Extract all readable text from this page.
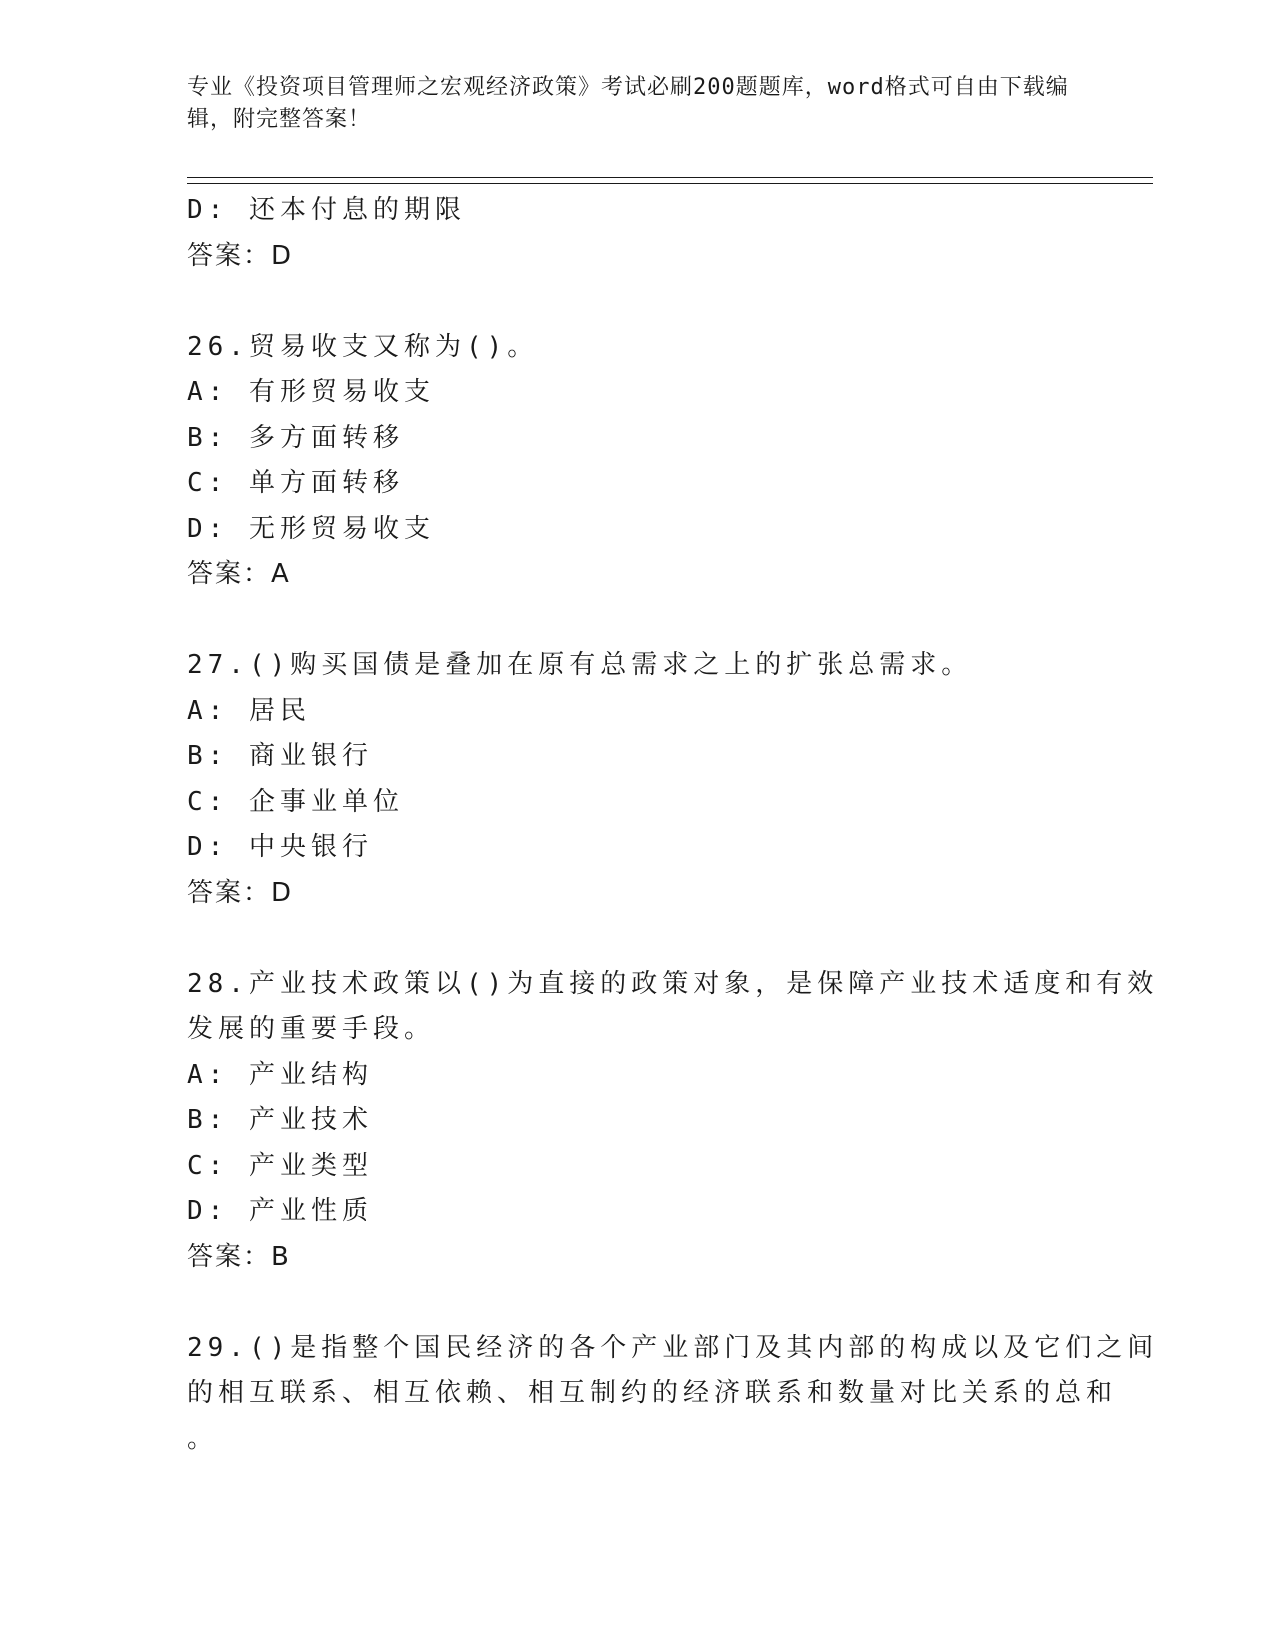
专业《投资项目管理师之宏观经济政策》考试必刷200题题库，word格式可自由下载编辑，附完整答案！
D: 还本付息的期限
答案：D
26.贸易收支又称为()。
A: 有形贸易收支
B: 多方面转移
C: 单方面转移
D: 无形贸易收支
答案：A
27.()购买国债是叠加在原有总需求之上的扩张总需求。
A: 居民
B: 商业银行
C: 企事业单位
D: 中央银行
答案：D
28.产业技术政策以()为直接的政策对象，是保障产业技术适度和有效
发展的重要手段。
A: 产业结构
B: 产业技术
C: 产业类型
D: 产业性质
答案：B
29.()是指整个国民经济的各个产业部门及其内部的构成以及它们之间
的相互联系、相互依赖、相互制约的经济联系和数量对比关系的总和
。
